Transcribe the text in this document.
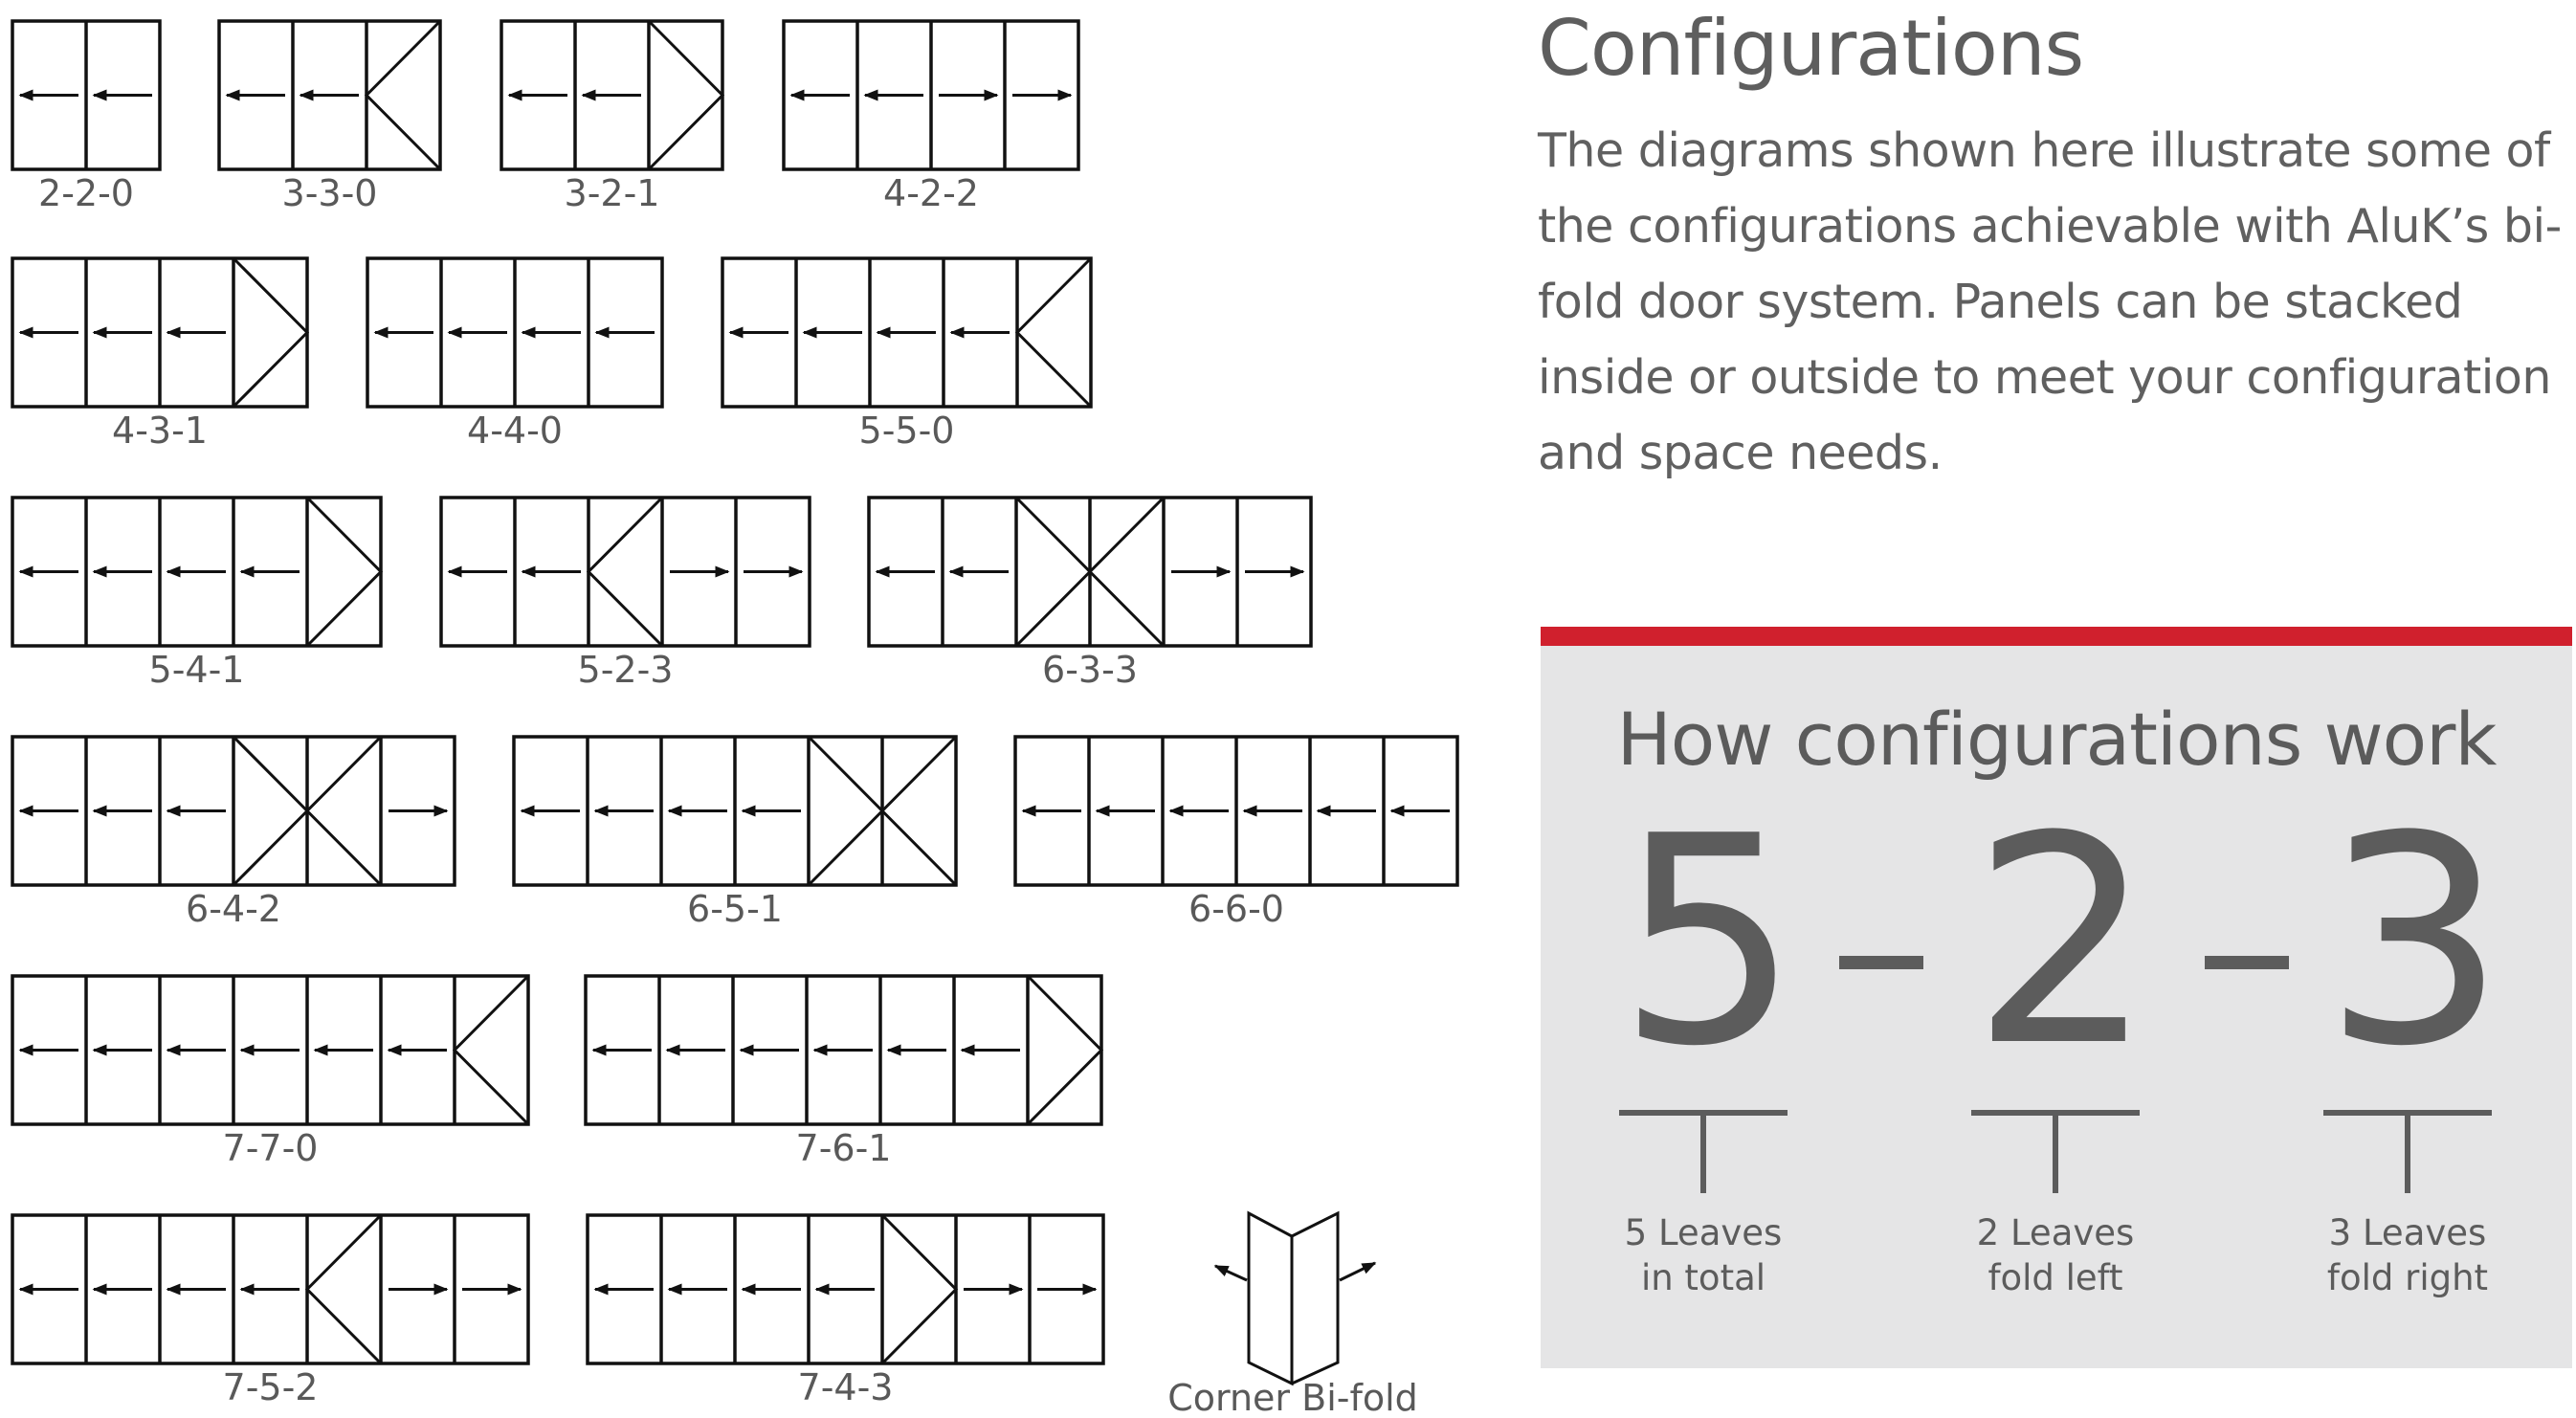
2-2-0	3-3-0	3-2-1	4-2-2
4-3-1	4-4-0	5-5-0
5-4-1	5-2-3	6-3-3
6-4-2	6-5-1	6-6-0
7-7-0	7-6-1
7-5-2	7-4-3	Corner Bi-fold
Configurations

The diagrams shown here illustrate some of the configurations achievable with AluK’s bi-fold door system. Panels can be stacked inside or outside to meet your configuration and space needs.

How configurations work
5 2 3
5 Leaves
in total
2 Leaves
fold left
3 Leaves
fold right
